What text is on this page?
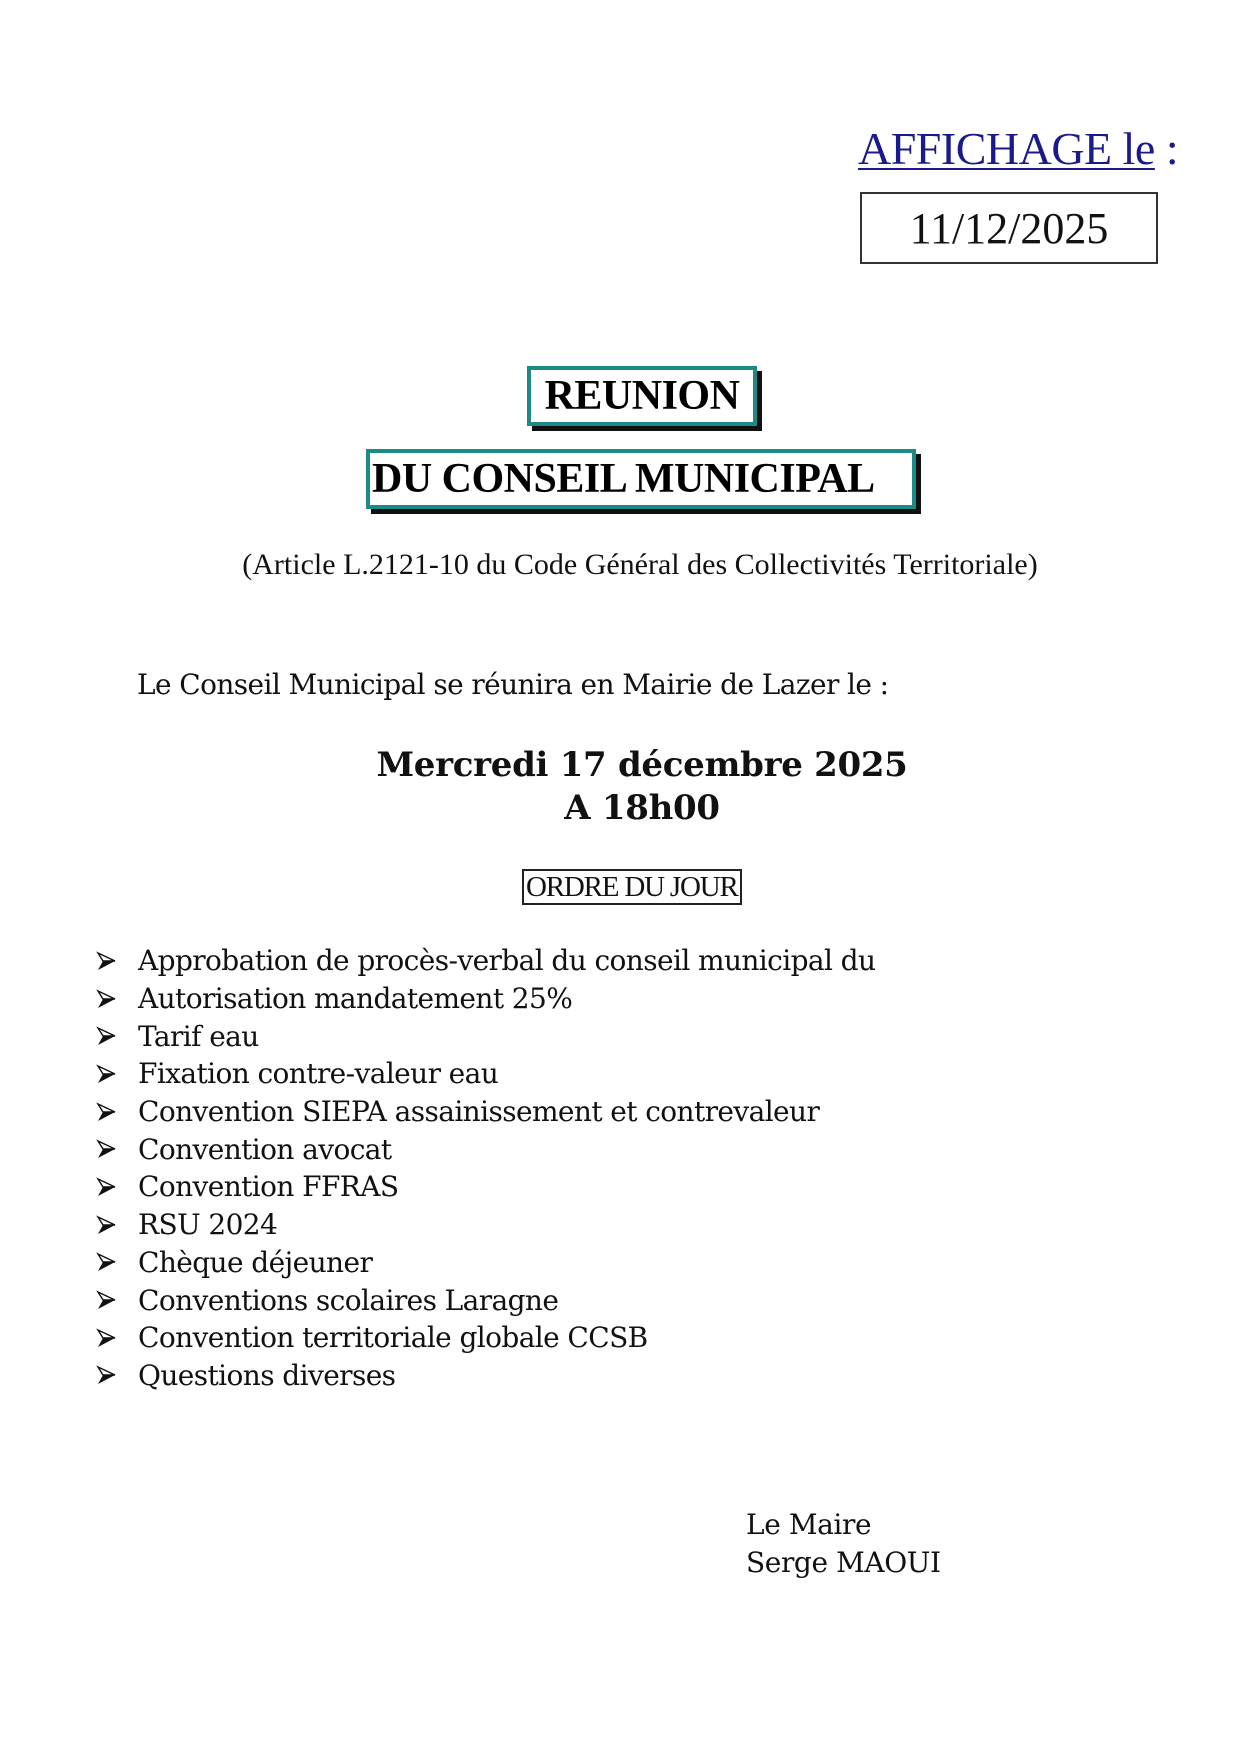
AFFICHAGE le :
11/12/2025
REUNION
DU CONSEIL MUNICIPAL
(Article L.2121-10 du Code Général des Collectivités Territoriale)
Le Conseil Municipal se réunira en Mairie de Lazer le :
Mercredi 17 décembre 2025
A 18h00
ORDRE DU JOUR
Approbation de procès-verbal du conseil municipal du
Autorisation mandatement 25%
Tarif eau
Fixation contre-valeur eau
Convention SIEPA assainissement et contrevaleur
Convention avocat
Convention FFRAS
RSU 2024
Chèque déjeuner
Conventions scolaires Laragne
Convention territoriale globale CCSB
Questions diverses
Le Maire
Serge MAOUI
